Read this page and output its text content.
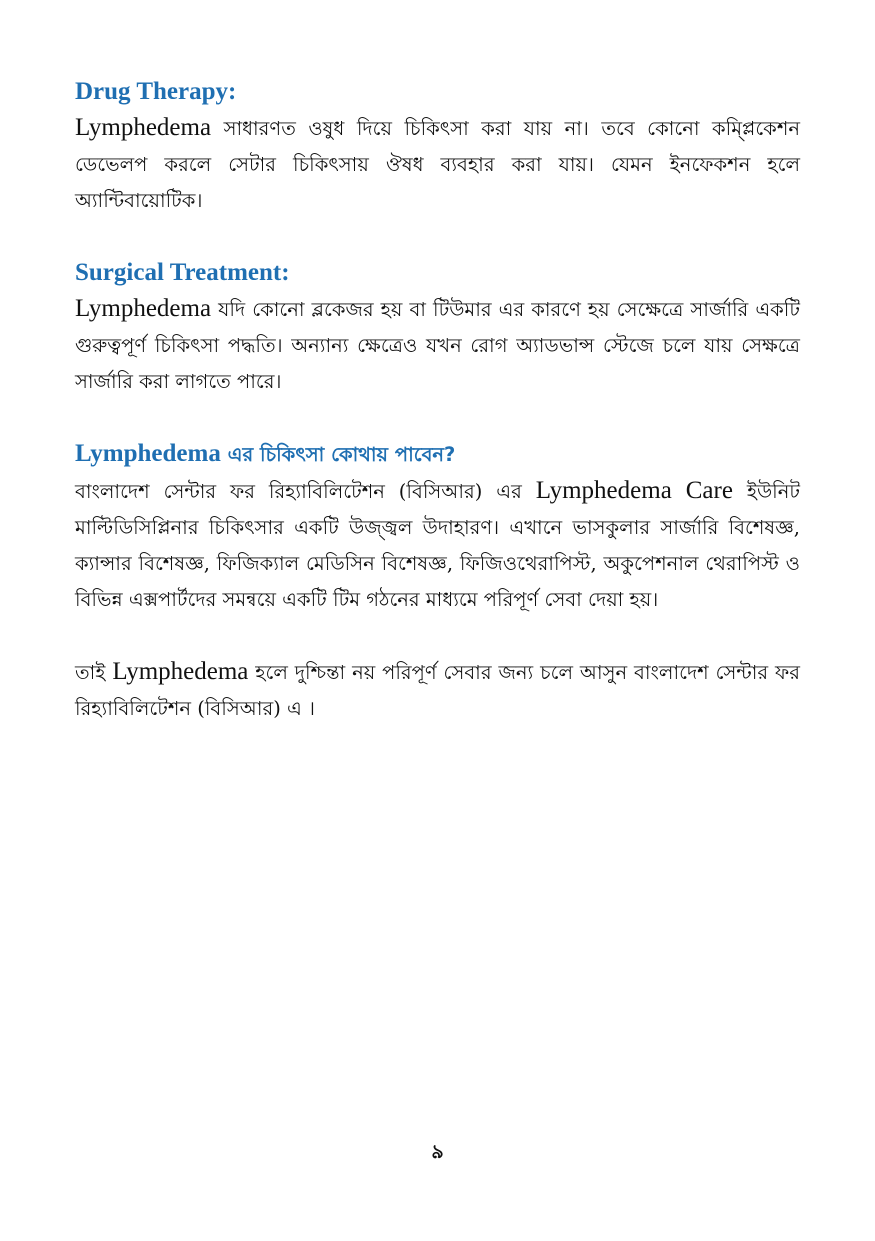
Drug Therapy:

Lymphedema সাধারণত ওষুধ দিয়ে চিকিৎসা করা যায় না। তবে কোনো কম্প্লিকেশন ডেভেলপ করলে সেটার চিকিৎসায় ঔষধ ব্যবহার করা যায়। যেমন ইনফেকশন হলে অ্যান্টিবায়োটিক।

Surgical Treatment:

Lymphedema যদি কোনো ব্লকেজর হয় বা টিউমার এর কারণে হয় সেক্ষেত্রে সার্জারি একটি গুরুত্বপূর্ণ চিকিৎসা পদ্ধতি। অন্যান্য ক্ষেত্রেও যখন রোগ অ্যাডভান্স স্টেজে চলে যায় সেক্ষত্রে সার্জারি করা লাগতে পারে।

Lymphedema এর চিকিৎসা কোথায় পাবেন?

বাংলাদেশ সেন্টার ফর রিহ্যাবিলিটেশন (বিসিআর) এর Lymphedema Care ইউনিট মাল্টিডিসিপ্লিনার চিকিৎসার একটি উজ্জ্বল উদাহারণ। এখানে ভাসকুলার সার্জারি বিশেষজ্ঞ, ক্যান্সার বিশেষজ্ঞ, ফিজিক্যাল মেডিসিন বিশেষজ্ঞ, ফিজিওথেরাপিস্ট, অকুপেশনাল থেরাপিস্ট ও বিভিন্ন এক্সপার্টদের সমন্বয়ে একটি টিম গঠনের মাধ্যমে পরিপূর্ণ সেবা দেয়া হয়।

তাই Lymphedema হলে দুশ্চিন্তা নয় পরিপূর্ণ সেবার জন্য চলে আসুন বাংলাদেশ সেন্টার ফর রিহ্যাবিলিটেশন (বিসিআর) এ ।

৯
